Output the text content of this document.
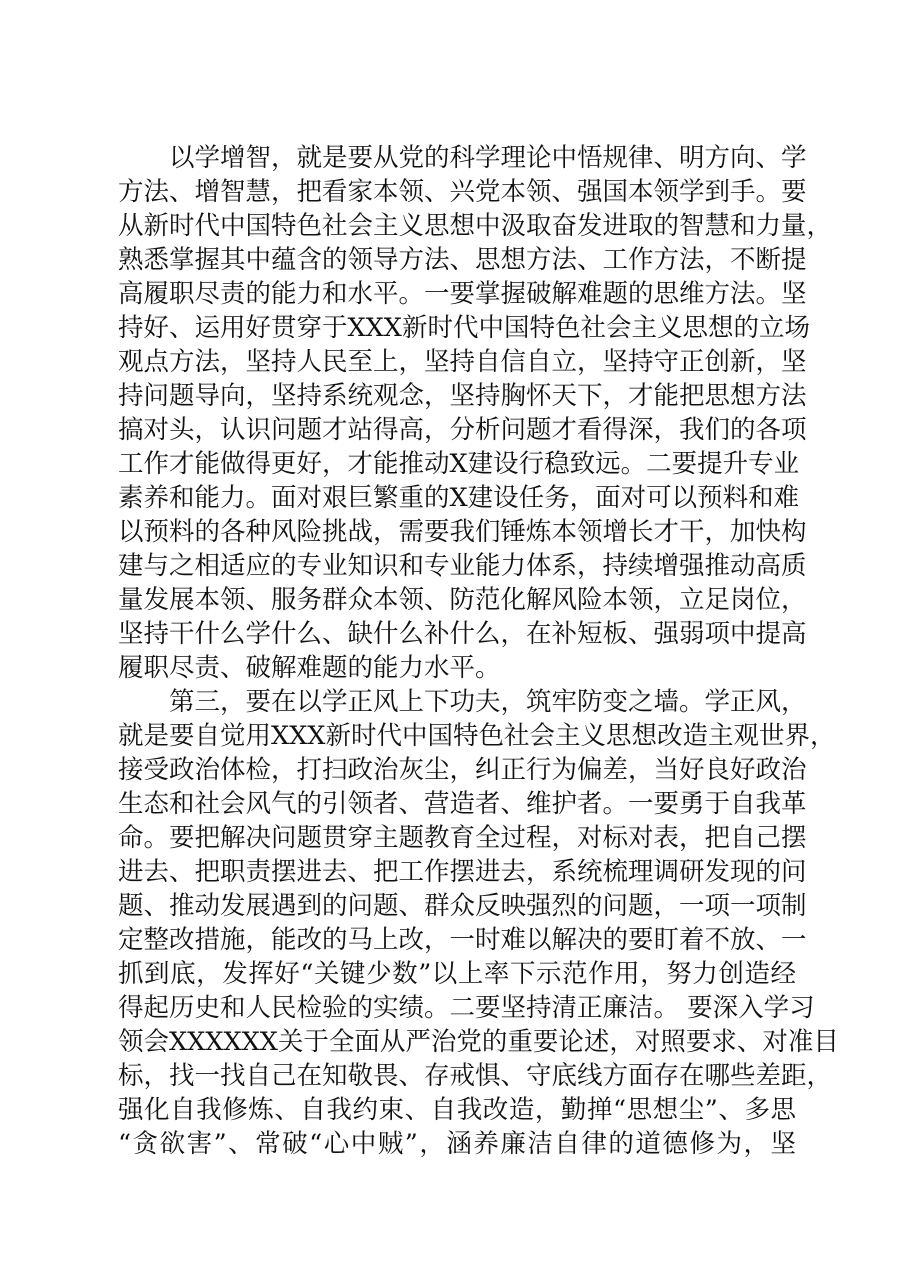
以学增智，就是要从党的科学理论中悟规律、明方向、学
方法、增智慧，把看家本领、兴党本领、强国本领学到手。要
从新时代中国特色社会主义思想中汲取奋发进取的智慧和力量，
熟悉掌握其中蕴含的领导方法、思想方法、工作方法，不断提
高履职尽责的能力和水平。一要掌握破解难题的思维方法。坚
持好、运用好贯穿于XXX新时代中国特色社会主义思想的立场
观点方法，坚持人民至上，坚持自信自立，坚持守正创新，坚
持问题导向，坚持系统观念，坚持胸怀天下，才能把思想方法
搞对头，认识问题才站得高，分析问题才看得深，我们的各项
工作才能做得更好，才能推动X建设行稳致远。二要提升专业
素养和能力。面对艰巨繁重的X建设任务，面对可以预料和难
以预料的各种风险挑战，需要我们锤炼本领增长才干，加快构
建与之相适应的专业知识和专业能力体系，持续增强推动高质
量发展本领、服务群众本领、防范化解风险本领，立足岗位，
坚持干什么学什么、缺什么补什么，在补短板、强弱项中提高
履职尽责、破解难题的能力水平。
第三，要在以学正风上下功夫，筑牢防变之墙。学正风，
就是要自觉用XXX新时代中国特色社会主义思想改造主观世界，
接受政治体检，打扫政治灰尘，纠正行为偏差，当好良好政治
生态和社会风气的引领者、营造者、维护者。一要勇于自我革
命。要把解决问题贯穿主题教育全过程，对标对表，把自己摆
进去、把职责摆进去、把工作摆进去，系统梳理调研发现的问
题、推动发展遇到的问题、群众反映强烈的问题，一项一项制
定整改措施，能改的马上改，一时难以解决的要盯着不放、一
抓到底，发挥好“关键少数”以上率下示范作用，努力创造经
得起历史和人民检验的实绩。二要坚持清正廉洁。 要深入学习
领会XXXXXX关于全面从严治党的重要论述，对照要求、对准目
标，找一找自己在知敬畏、存戒惧、守底线方面存在哪些差距，
强化自我修炼、自我约束、自我改造，勤掸“思想尘”、多思
“贪欲害”、常破“心中贼”，涵养廉洁自律的道德修为，坚
